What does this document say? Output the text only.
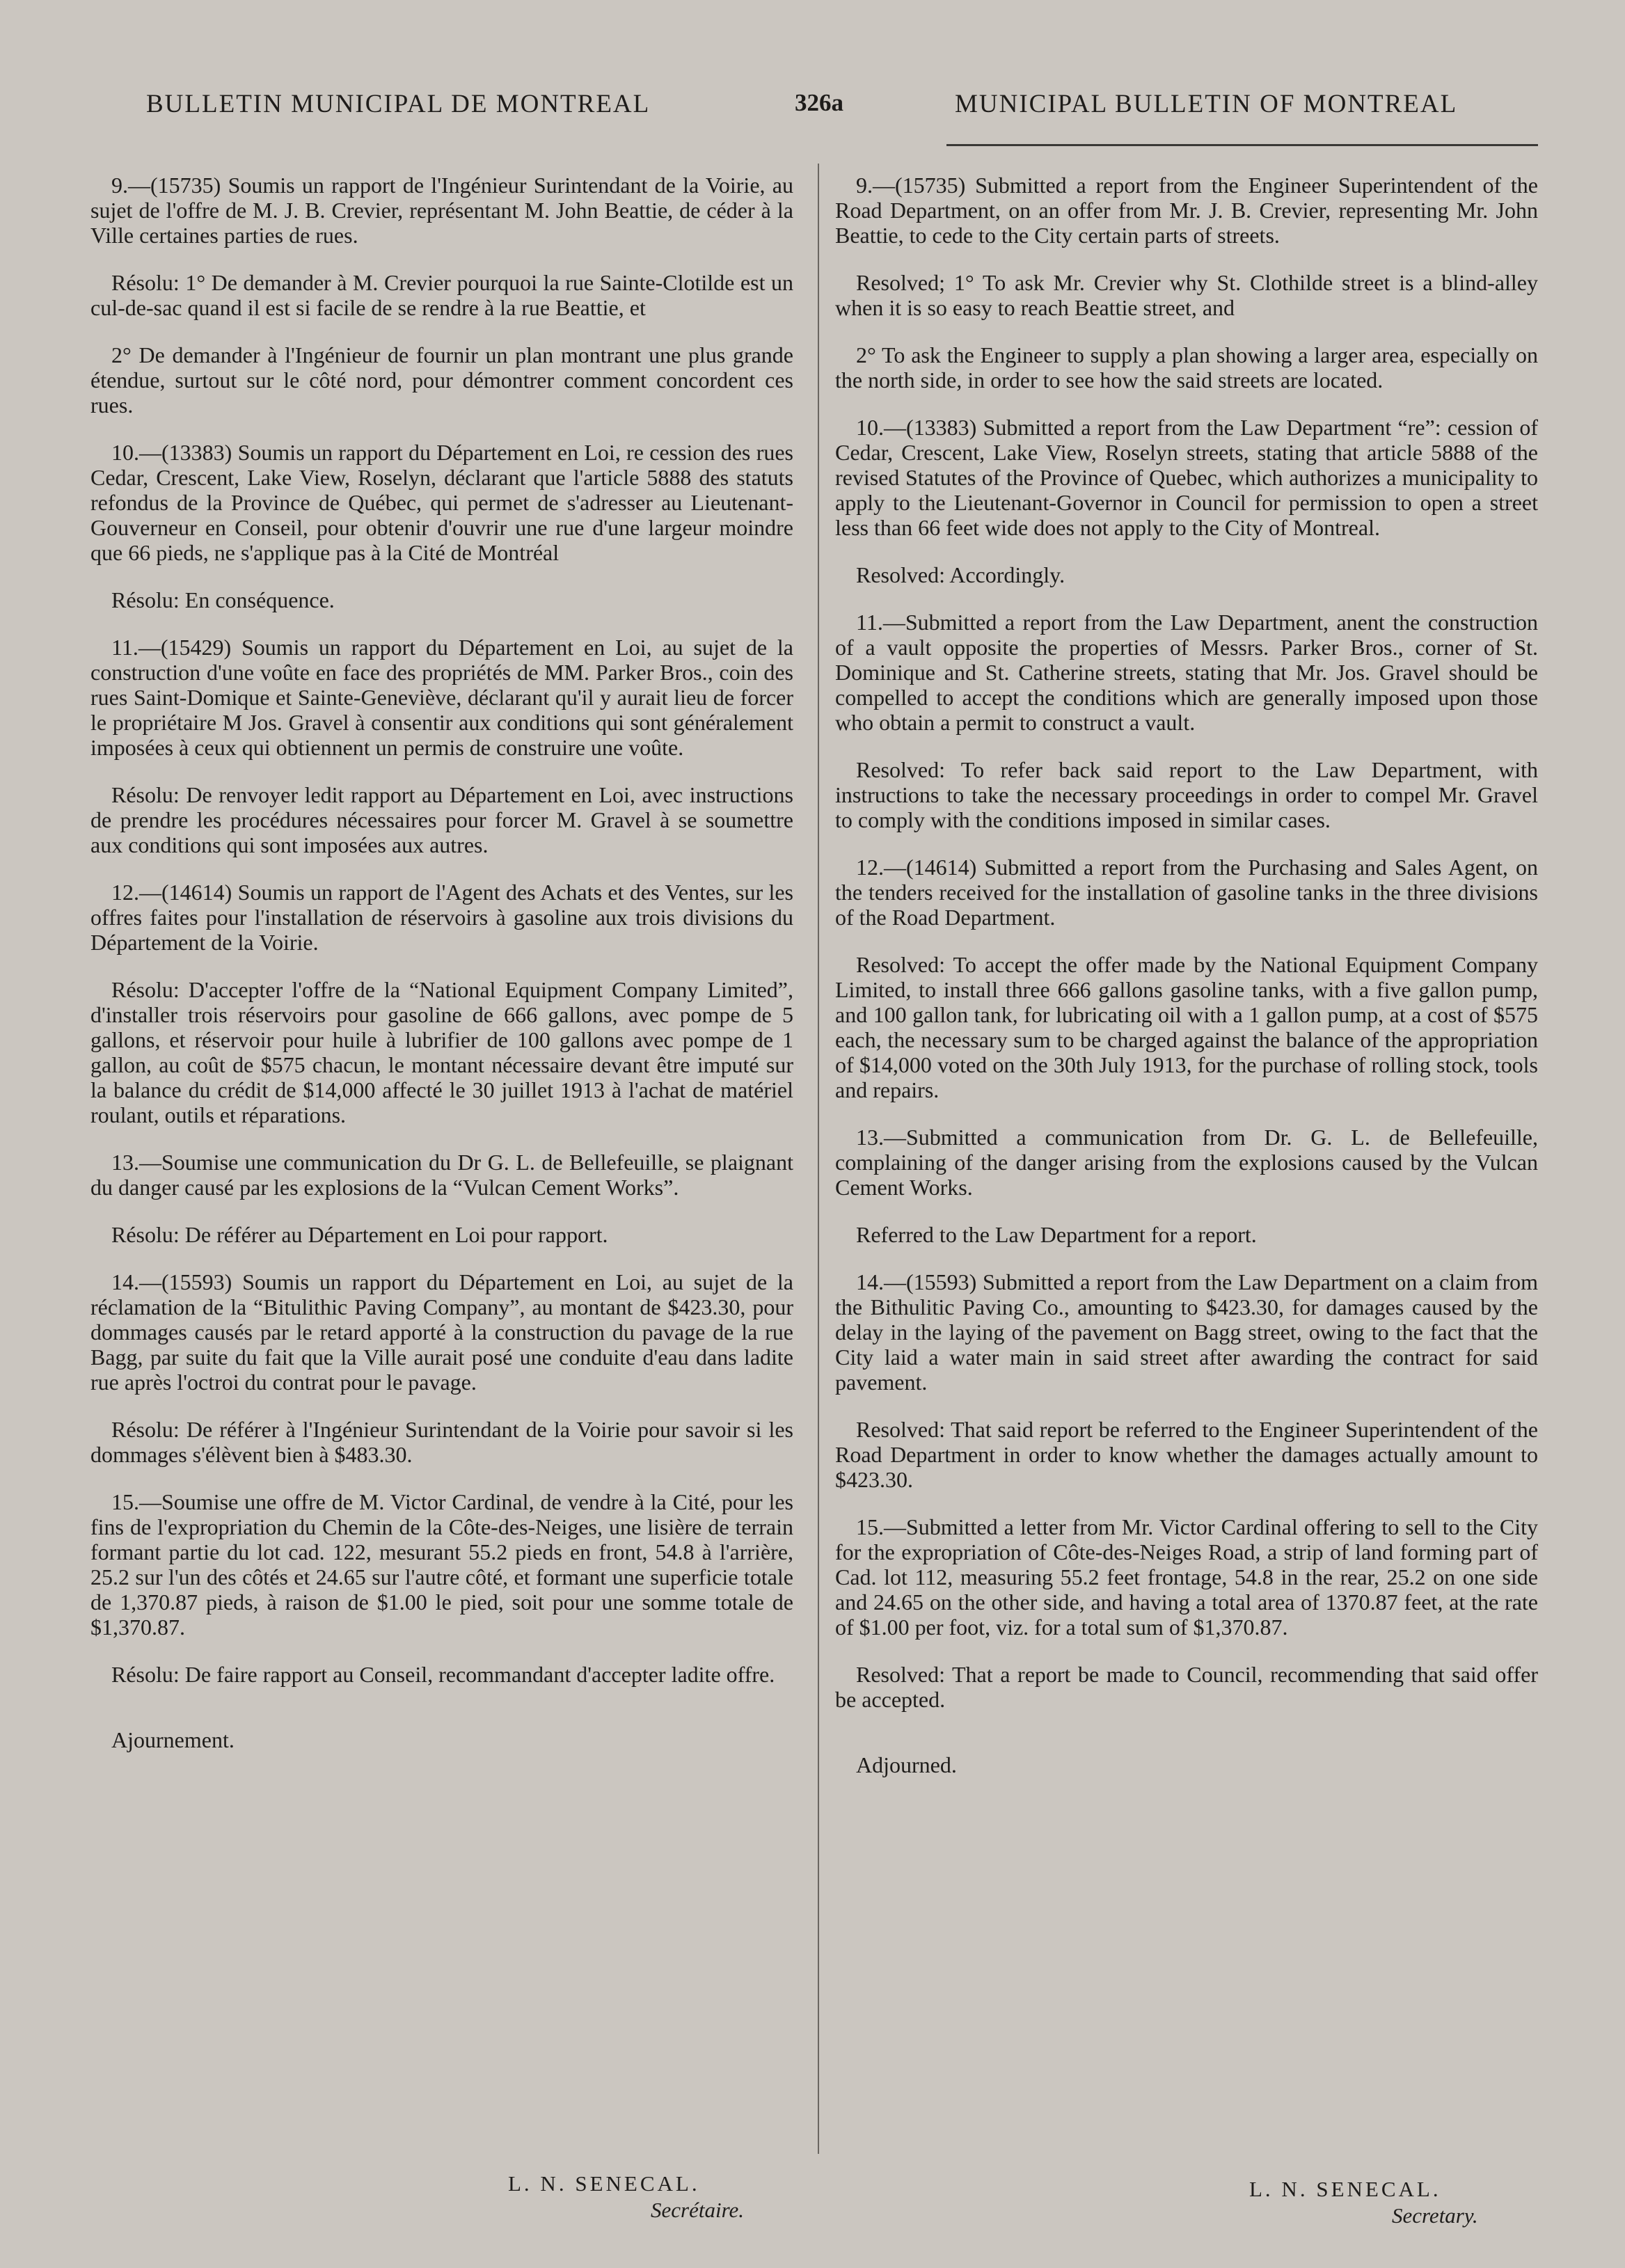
BULLETIN MUNICIPAL DE MONTREAL	326a	MUNICIPAL BULLETIN OF MONTREAL

9.—(15735) Soumis un rapport de l'Ingénieur Surintendant de la Voirie, au sujet de l'offre de M. J. B. Crevier, représentant M. John Beattie, de céder à la Ville certaines parties de rues.

Résolu: 1° De demander à M. Crevier pourquoi la rue Sainte-Clotilde est un cul-de-sac quand il est si facile de se rendre à la rue Beattie, et

2° De demander à l'Ingénieur de fournir un plan montrant une plus grande étendue, surtout sur le côté nord, pour démontrer comment concordent ces rues.

10.—(13383) Soumis un rapport du Département en Loi, re cession des rues Cedar, Crescent, Lake View, Roselyn, déclarant que l'article 5888 des statuts refondus de la Province de Québec, qui permet de s'adresser au Lieutenant-Gouverneur en Conseil, pour obtenir d'ouvrir une rue d'une largeur moindre que 66 pieds, ne s'applique pas à la Cité de Montréal

Résolu: En conséquence.

11.—(15429) Soumis un rapport du Département en Loi, au sujet de la construction d'une voûte en face des propriétés de MM. Parker Bros., coin des rues Saint-Domique et Sainte-Geneviève, déclarant qu'il y aurait lieu de forcer le propriétaire M Jos. Gravel à consentir aux conditions qui sont généralement imposées à ceux qui obtiennent un permis de construire une voûte.

Résolu: De renvoyer ledit rapport au Département en Loi, avec instructions de prendre les procédures nécessaires pour forcer M. Gravel à se soumettre aux conditions qui sont imposées aux autres.

12.—(14614) Soumis un rapport de l'Agent des Achats et des Ventes, sur les offres faites pour l'installation de réservoirs à gasoline aux trois divisions du Département de la Voirie.

Résolu: D'accepter l'offre de la “National Equipment Company Limited”, d'installer trois réservoirs pour gasoline de 666 gallons, avec pompe de 5 gallons, et réservoir pour huile à lubrifier de 100 gallons avec pompe de 1 gallon, au coût de $575 chacun, le montant nécessaire devant être imputé sur la balance du crédit de $14,000 affecté le 30 juillet 1913 à l'achat de matériel roulant, outils et réparations.

13.—Soumise une communication du Dr G. L. de Bellefeuille, se plaignant du danger causé par les explosions de la “Vulcan Cement Works”.

Résolu: De référer au Département en Loi pour rapport.

14.—(15593) Soumis un rapport du Département en Loi, au sujet de la réclamation de la “Bitulithic Paving Company”, au montant de $423.30, pour dommages causés par le retard apporté à la construction du pavage de la rue Bagg, par suite du fait que la Ville aurait posé une conduite d'eau dans ladite rue après l'octroi du contrat pour le pavage.

Résolu: De référer à l'Ingénieur Surintendant de la Voirie pour savoir si les dommages s'élèvent bien à $483.30.

15.—Soumise une offre de M. Victor Cardinal, de vendre à la Cité, pour les fins de l'expropriation du Chemin de la Côte-des-Neiges, une lisière de terrain formant partie du lot cad. 122, mesurant 55.2 pieds en front, 54.8 à l'arrière, 25.2 sur l'un des côtés et 24.65 sur l'autre côté, et formant une superficie totale de 1,370.87 pieds, à raison de $1.00 le pied, soit pour une somme totale de $1,370.87.

Résolu: De faire rapport au Conseil, recommandant d'accepter ladite offre.

Ajournement.

9.—(15735) Submitted a report from the Engineer Superintendent of the Road Department, on an offer from Mr. J. B. Crevier, representing Mr. John Beattie, to cede to the City certain parts of streets.

Resolved; 1° To ask Mr. Crevier why St. Clothilde street is a blind-alley when it is so easy to reach Beattie street, and

2° To ask the Engineer to supply a plan showing a larger area, especially on the north side, in order to see how the said streets are located.

10.—(13383) Submitted a report from the Law Department “re”: cession of Cedar, Crescent, Lake View, Roselyn streets, stating that article 5888 of the revised Statutes of the Province of Quebec, which authorizes a municipality to apply to the Lieutenant-Governor in Council for permission to open a street less than 66 feet wide does not apply to the City of Montreal.

Resolved: Accordingly.

11.—Submitted a report from the Law Department, anent the construction of a vault opposite the properties of Messrs. Parker Bros., corner of St. Dominique and St. Catherine streets, stating that Mr. Jos. Gravel should be compelled to accept the conditions which are generally imposed upon those who obtain a permit to construct a vault.

Resolved: To refer back said report to the Law Department, with instructions to take the necessary proceedings in order to compel Mr. Gravel to comply with the conditions imposed in similar cases.

12.—(14614) Submitted a report from the Purchasing and Sales Agent, on the tenders received for the installation of gasoline tanks in the three divisions of the Road Department.

Resolved: To accept the offer made by the National Equipment Company Limited, to install three 666 gallons gasoline tanks, with a five gallon pump, and 100 gallon tank, for lubricating oil with a 1 gallon pump, at a cost of $575 each, the necessary sum to be charged against the balance of the appropriation of $14,000 voted on the 30th July 1913, for the purchase of rolling stock, tools and repairs.

13.—Submitted a communication from Dr. G. L. de Bellefeuille, complaining of the danger arising from the explosions caused by the Vulcan Cement Works.

Referred to the Law Department for a report.

14.—(15593) Submitted a report from the Law Department on a claim from the Bithulitic Paving Co., amounting to $423.30, for damages caused by the delay in the laying of the pavement on Bagg street, owing to the fact that the City laid a water main in said street after awarding the contract for said pavement.

Resolved: That said report be referred to the Engineer Superintendent of the Road Department in order to know whether the damages actually amount to $423.30.

15.—Submitted a letter from Mr. Victor Cardinal offering to sell to the City for the expropriation of Côte-des-Neiges Road, a strip of land forming part of Cad. lot 112, measuring 55.2 feet frontage, 54.8 in the rear, 25.2 on one side and 24.65 on the other side, and having a total area of 1370.87 feet, at the rate of $1.00 per foot, viz. for a total sum of $1,370.87.

Resolved: That a report be made to Council, recommending that said offer be accepted.

Adjourned.

L. N. SENECAL.
Secrétaire.
L. N. SENECAL.
Secretary.
